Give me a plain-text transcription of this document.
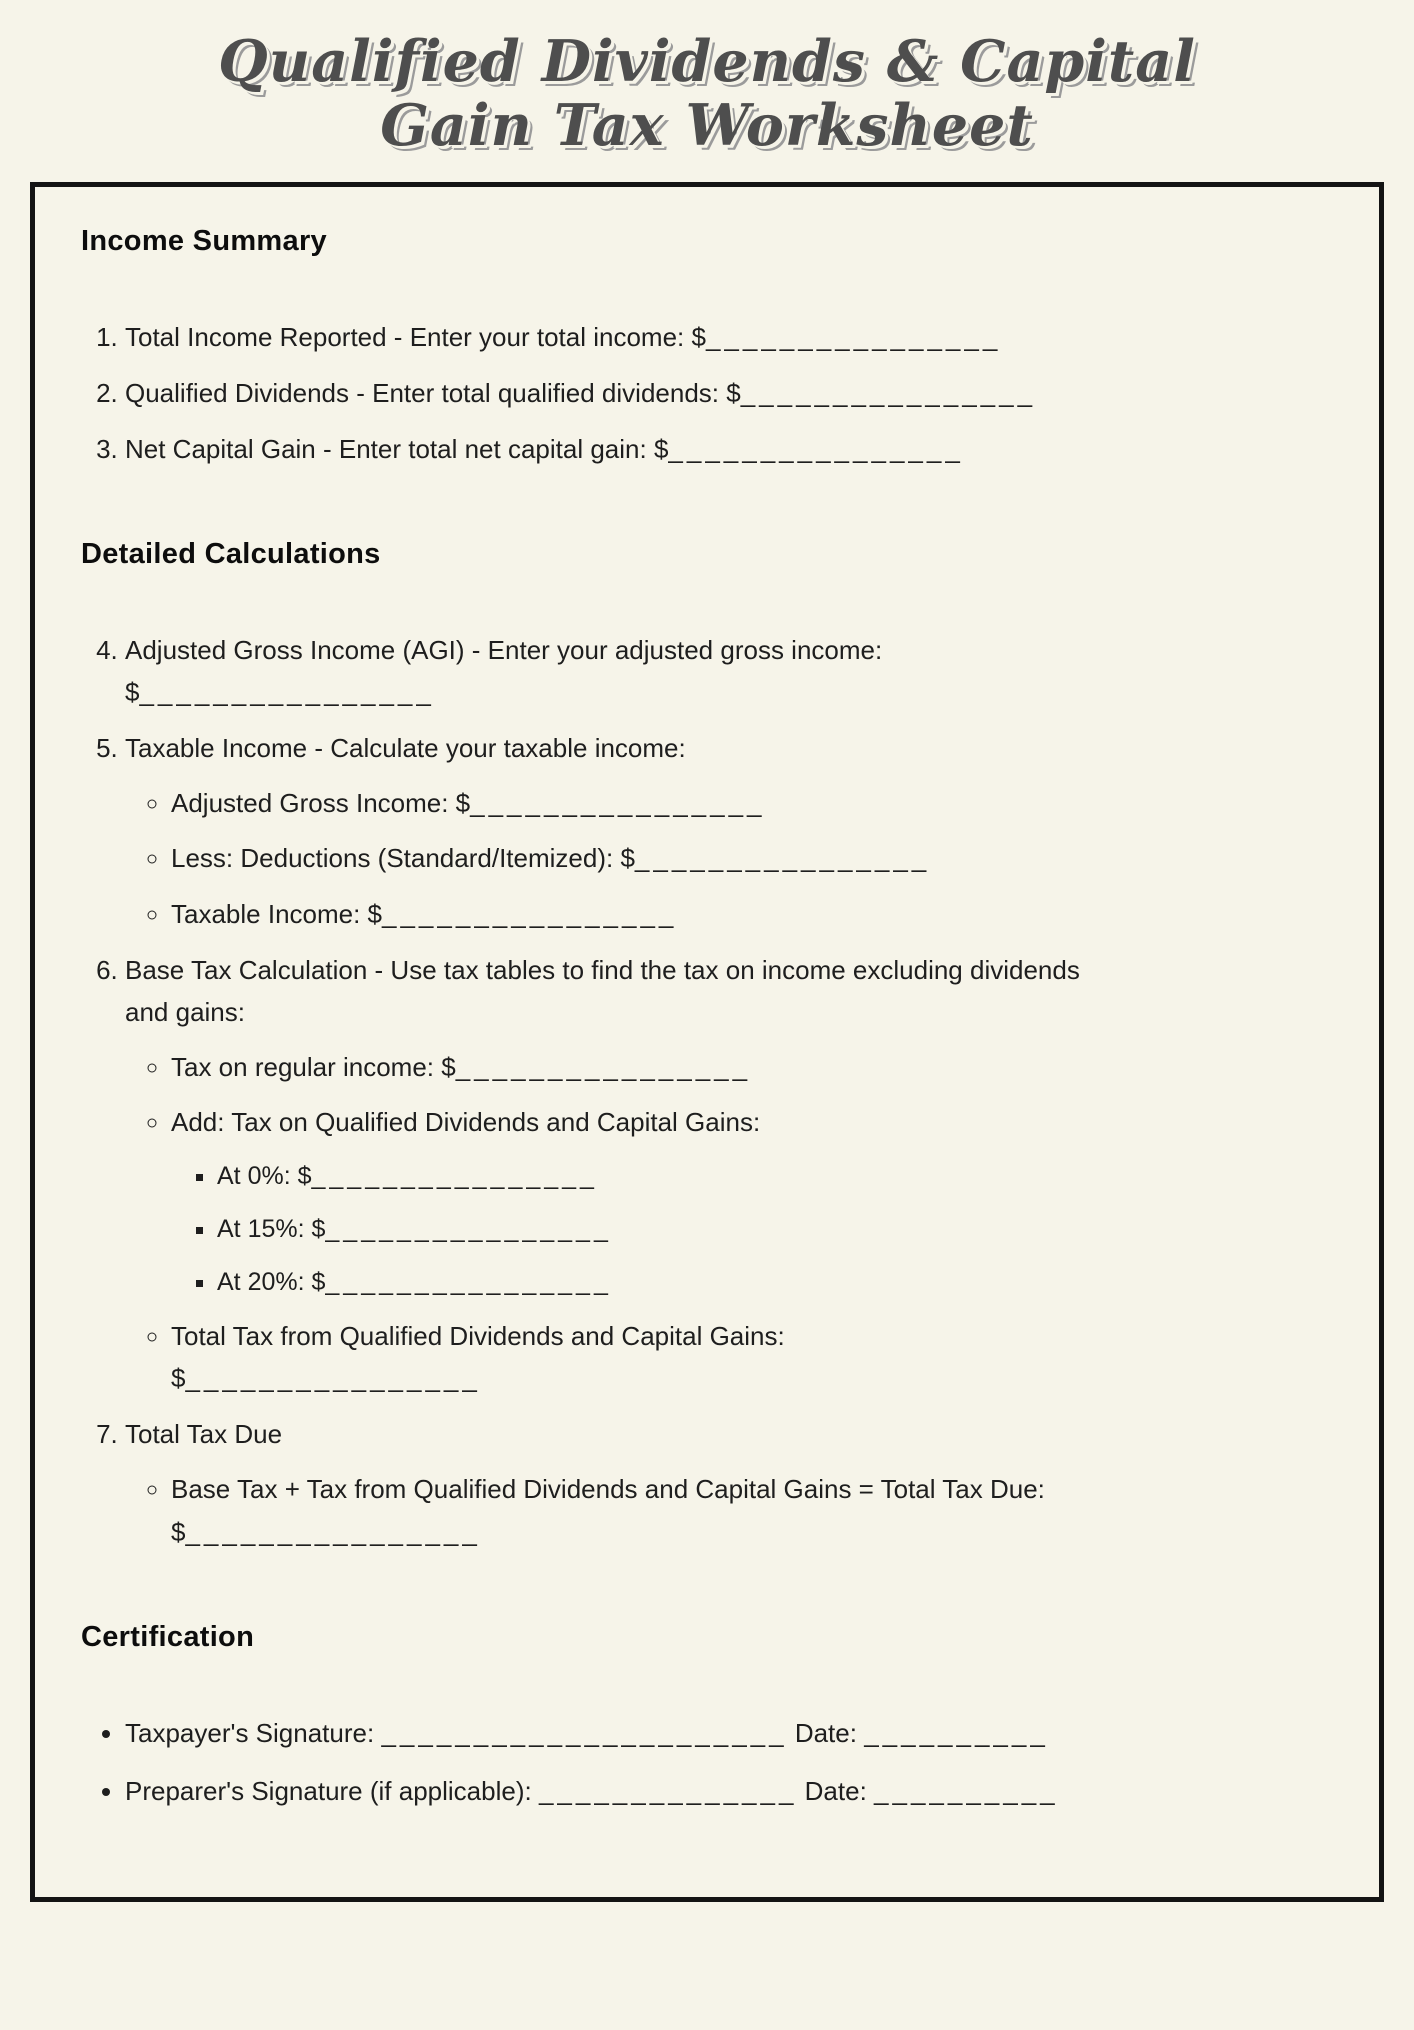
Qualified Dividends & Capital
Gain Tax Worksheet
Income Summary
1. Total Income Reported - Enter your total income: $________________
2. Qualified Dividends - Enter total qualified dividends: $________________
3. Net Capital Gain - Enter total net capital gain: $________________
Detailed Calculations
4. Adjusted Gross Income (AGI) - Enter your adjusted gross income:
$________________
5. Taxable Income - Calculate your taxable income:
◦ Adjusted Gross Income: $________________
◦ Less: Deductions (Standard/Itemized): $________________
◦ Taxable Income: $________________
6. Base Tax Calculation - Use tax tables to find the tax on income excluding dividends and gains:
◦ Tax on regular income: $________________
◦ Add: Tax on Qualified Dividends and Capital Gains:
▪ At 0%: $________________
▪ At 15%: $________________
▪ At 20%: $________________
◦ Total Tax from Qualified Dividends and Capital Gains:
$________________
7. Total Tax Due
◦ Base Tax + Tax from Qualified Dividends and Capital Gains = Total Tax Due: $________________
Certification
• Taxpayer's Signature: ______________________ Date: __________
• Preparer's Signature (if applicable): ______________ Date: __________
